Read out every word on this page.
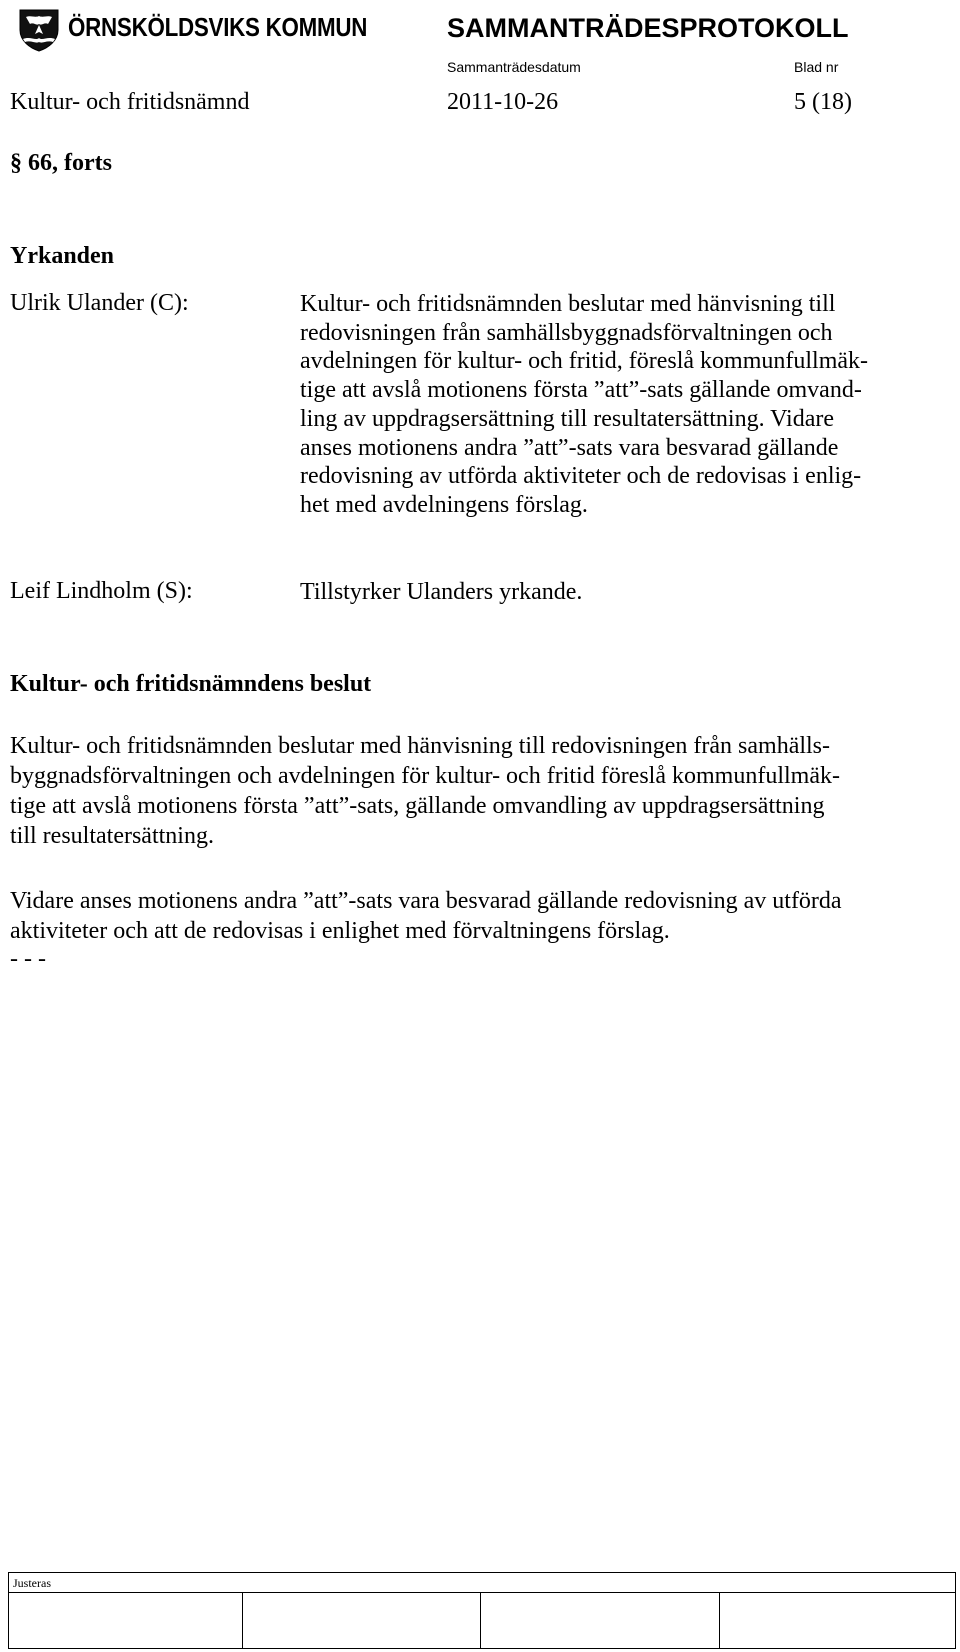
ÖRNSKÖLDSVIKS KOMMUN	SAMMANTRÄDESPROTOKOLL
Sammanträdesdatum	Blad nr
Kultur- och fritidsnämnd	2011-10-26	5 (18)
§ 66, forts
Yrkanden
Ulrik Ulander (C):	Kultur- och fritidsnämnden beslutar med hänvisning till
redovisningen från samhällsbyggnadsförvaltningen och
avdelningen för kultur- och fritid, föreslå kommunfullmäk-
tige att avslå motionens första ”att”-sats gällande omvand-
ling av uppdragsersättning till resultatersättning. Vidare
anses motionens andra ”att”-sats vara besvarad gällande
redovisning av utförda aktiviteter och de redovisas i enlig-
het med avdelningens förslag.
Leif Lindholm (S):	Tillstyrker Ulanders yrkande.
Kultur- och fritidsnämndens beslut
Kultur- och fritidsnämnden beslutar med hänvisning till redovisningen från samhälls-
byggnadsförvaltningen och avdelningen för kultur- och fritid föreslå kommunfullmäk-
tige att avslå motionens första ”att”-sats, gällande omvandling av uppdragsersättning
till resultatersättning.
Vidare anses motionens andra ”att”-sats vara besvarad gällande redovisning av utförda
aktiviteter och att de redovisas i enlighet med förvaltningens förslag.
- - -
Justeras
